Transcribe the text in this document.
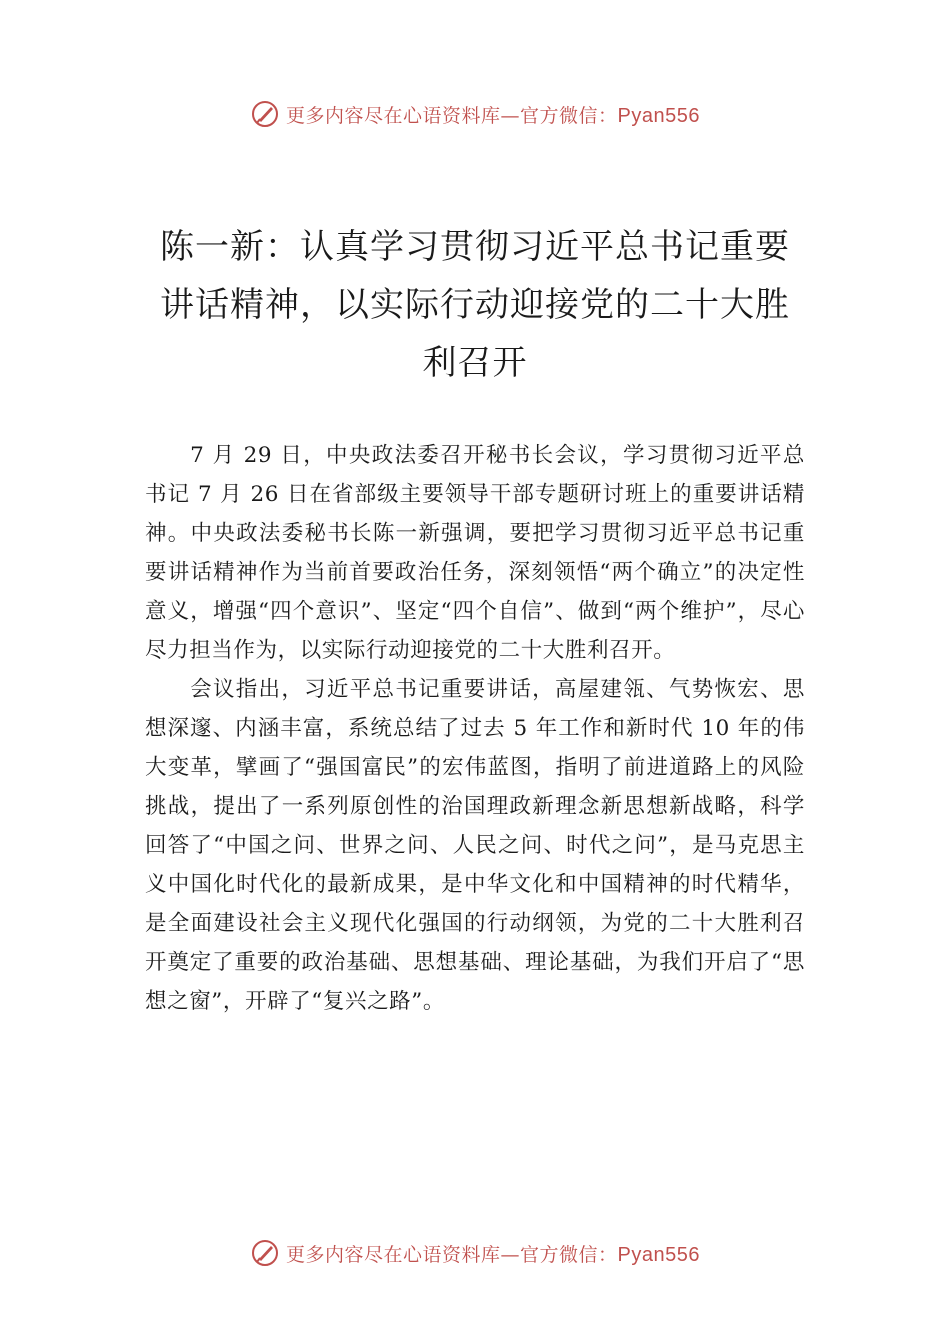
更多内容尽在心语资料库—官方微信：Pyan556
陈一新：认真学习贯彻习近平总书记重要讲话精神，以实际行动迎接党的二十大胜利召开

7 月 29 日，中央政法委召开秘书长会议，学习贯彻习近平总书记 7 月 26 日在省部级主要领导干部专题研讨班上的重要讲话精神。中央政法委秘书长陈一新强调，要把学习贯彻习近平总书记重要讲话精神作为当前首要政治任务，深刻领悟“两个确立”的决定性意义，增强“四个意识”、坚定“四个自信”、做到“两个维护”，尽心尽力担当作为，以实际行动迎接党的二十大胜利召开。

会议指出，习近平总书记重要讲话，高屋建瓴、气势恢宏、思想深邃、内涵丰富，系统总结了过去 5 年工作和新时代 10 年的伟大变革，擘画了“强国富民”的宏伟蓝图，指明了前进道路上的风险挑战，提出了一系列原创性的治国理政新理念新思想新战略，科学回答了“中国之问、世界之问、人民之问、时代之问”，是马克思主义中国化时代化的最新成果，是中华文化和中国精神的时代精华，是全面建设社会主义现代化强国的行动纲领，为党的二十大胜利召开奠定了重要的政治基础、思想基础、理论基础，为我们开启了“思想之窗”，开辟了“复兴之路”。

更多内容尽在心语资料库—官方微信：Pyan556
